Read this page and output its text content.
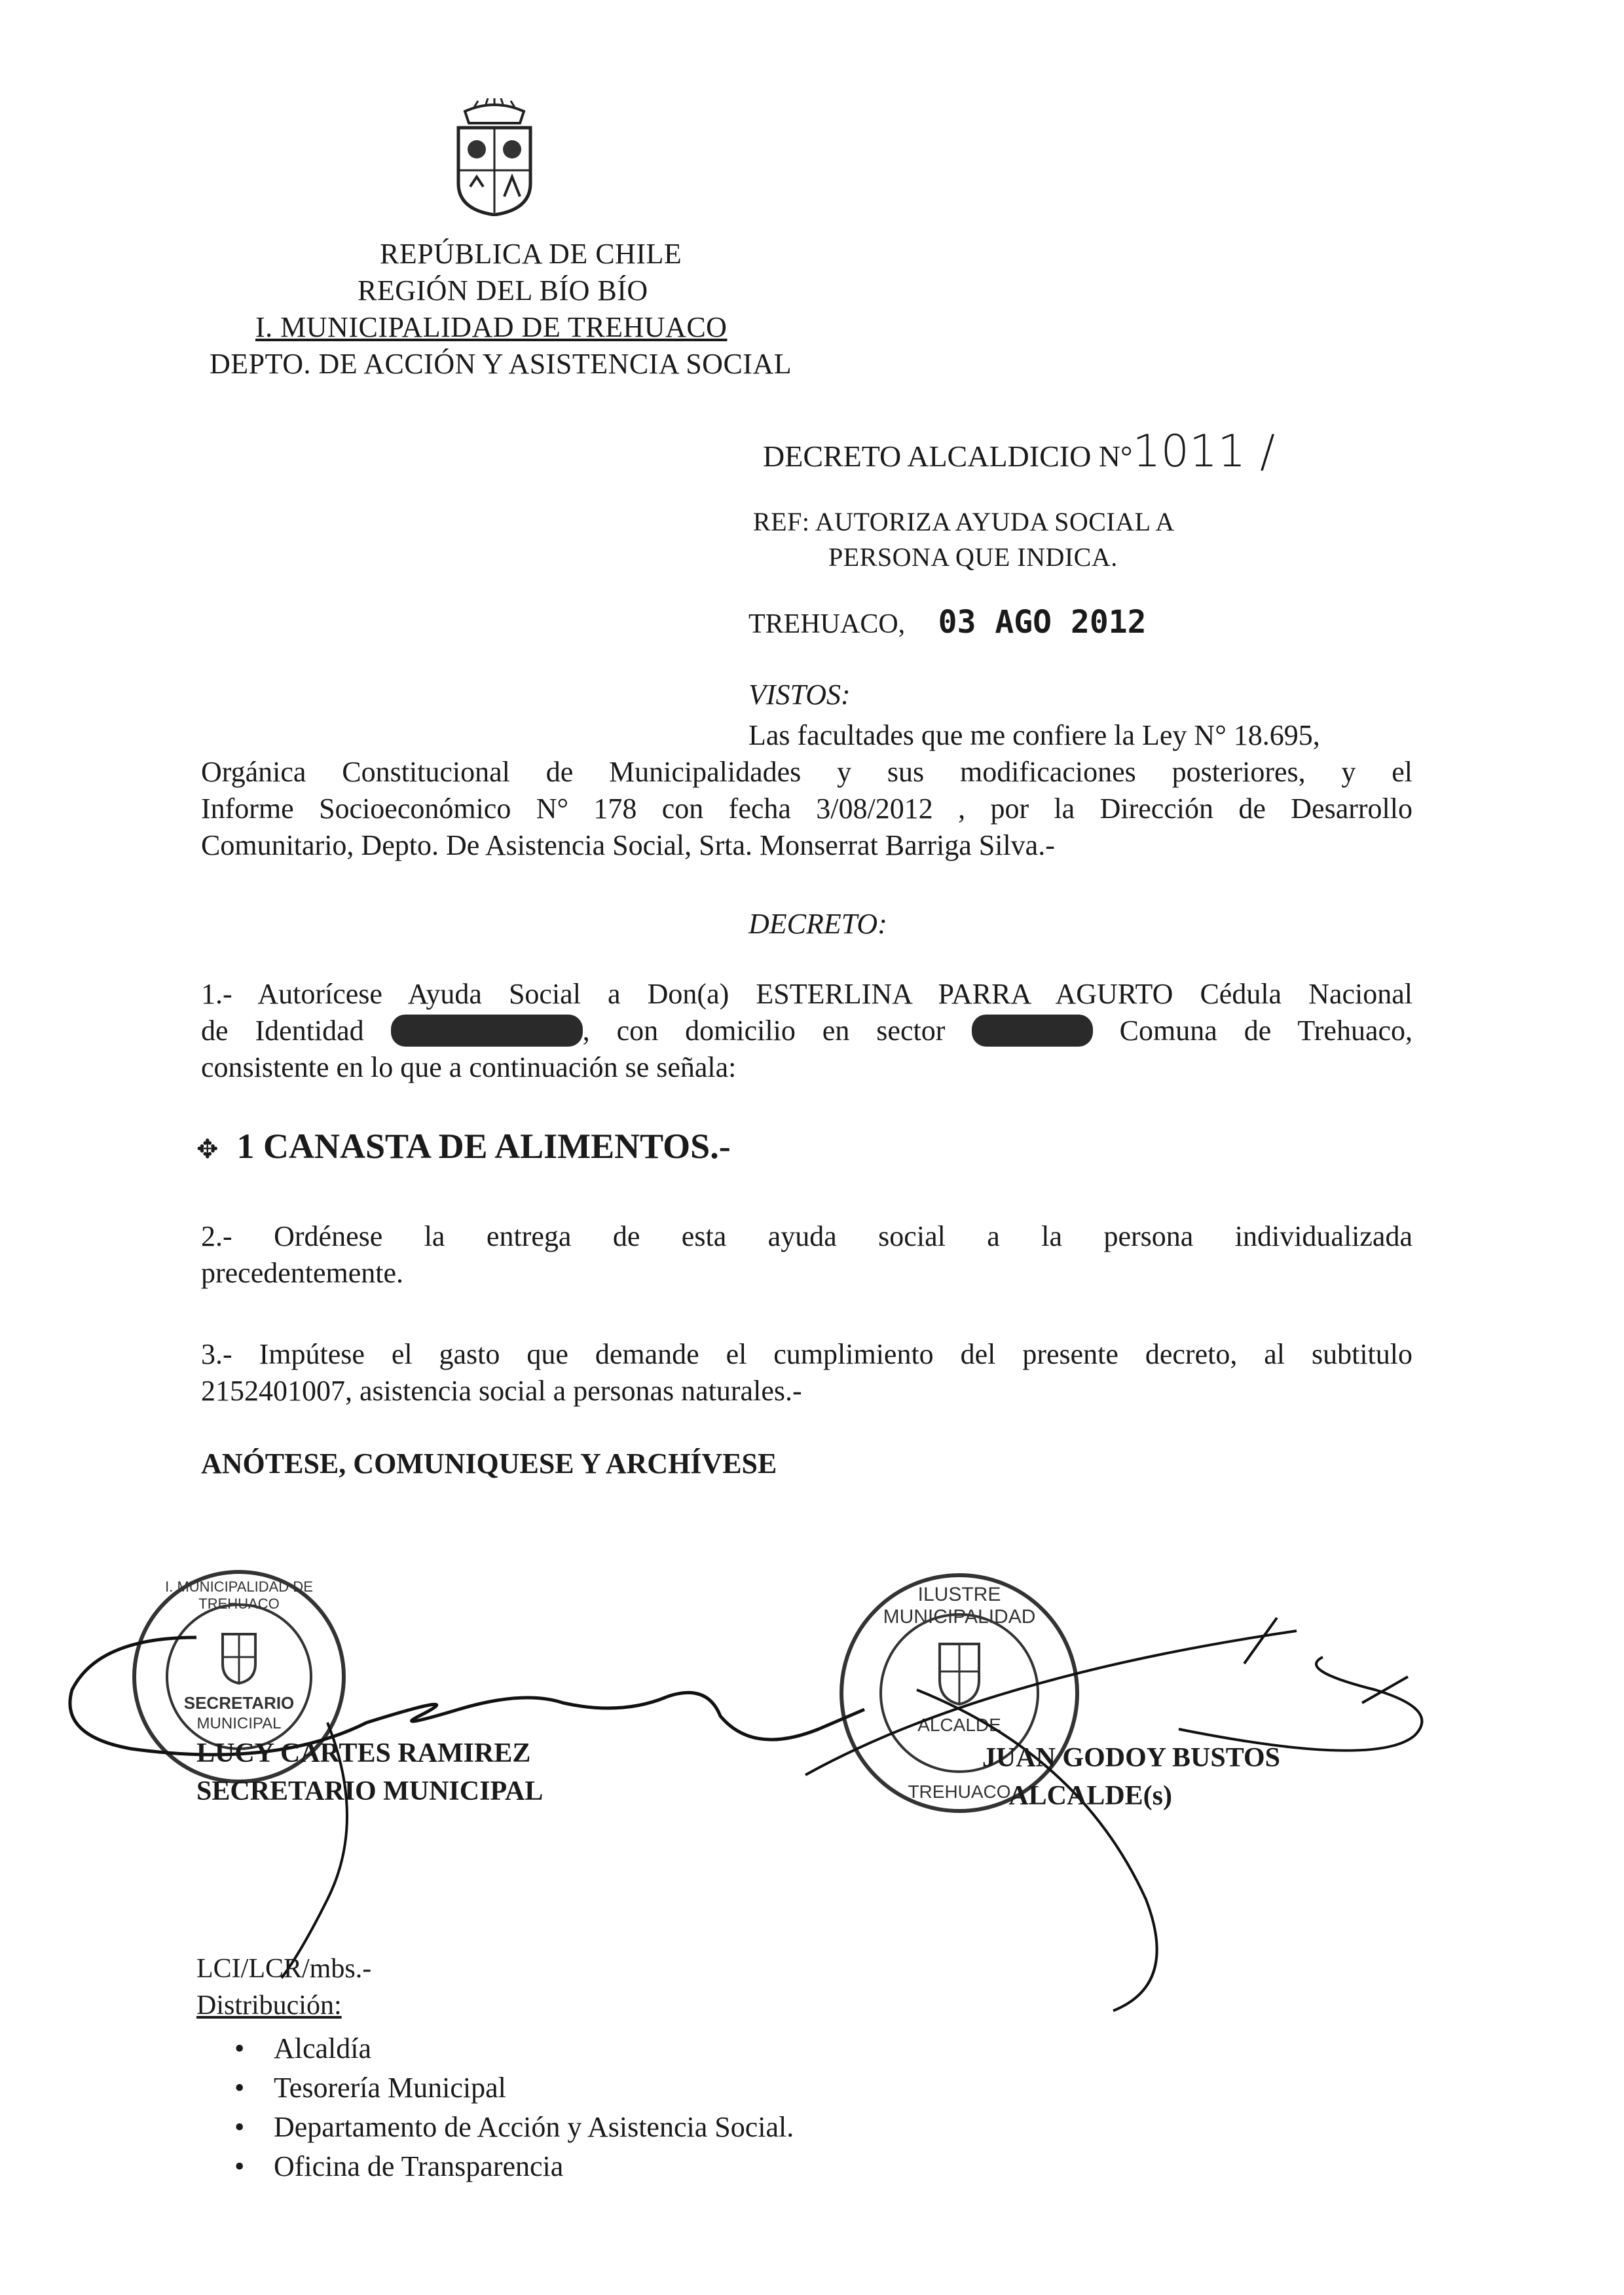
REPÚBLICA DE CHILE
REGIÓN DEL BÍO BÍO
I. MUNICIPALIDAD DE TREHUACO
DEPTO. DE ACCIÓN Y ASISTENCIA SOCIAL
DECRETO ALCALDICIO N°1011 /
REF: AUTORIZA AYUDA SOCIAL A
PERSONA QUE INDICA.
TREHUACO, 03 AGO 2012
VISTOS:
Las facultades que me confiere la Ley N° 18.695,
Orgánica Constitucional de Municipalidades y sus modificaciones posteriores, y el
Informe Socioeconómico N° 178 con fecha 3/08/2012 , por la Dirección de Desarrollo
Comunitario, Depto. De Asistencia Social, Srta. Monserrat Barriga Silva.-
DECRETO:
1.- Autorícese Ayuda Social a Don(a) ESTERLINA PARRA AGURTO Cédula Nacional
de Identidad N° 8886912-5 , con domicilio en sector Paniagua, Comuna de Trehuaco,
consistente en lo que a continuación se señala:
✥ 1 CANASTA DE ALIMENTOS.-
2.- Ordénese la entrega de esta ayuda social a la persona individualizada
precedentemente.
3.- Impútese el gasto que demande el cumplimiento del presente decreto, al subtitulo
2152401007, asistencia social a personas naturales.-
ANÓTESE, COMUNIQUESE Y ARCHÍVESE
I. MUNICIPALIDAD DE TREHUACO
SECRETARIO
MUNICIPAL
ILUSTRE MUNICIPALIDAD
ALCALDE
TREHUACO
LUCY CARTES RAMIREZ
SECRETARIO MUNICIPAL
JUAN GODOY BUSTOS
ALCALDE(s)
LCI/LCR/mbs.-
Distribución:
• Alcaldía
• Tesorería Municipal
• Departamento de Acción y Asistencia Social.
• Oficina de Transparencia
